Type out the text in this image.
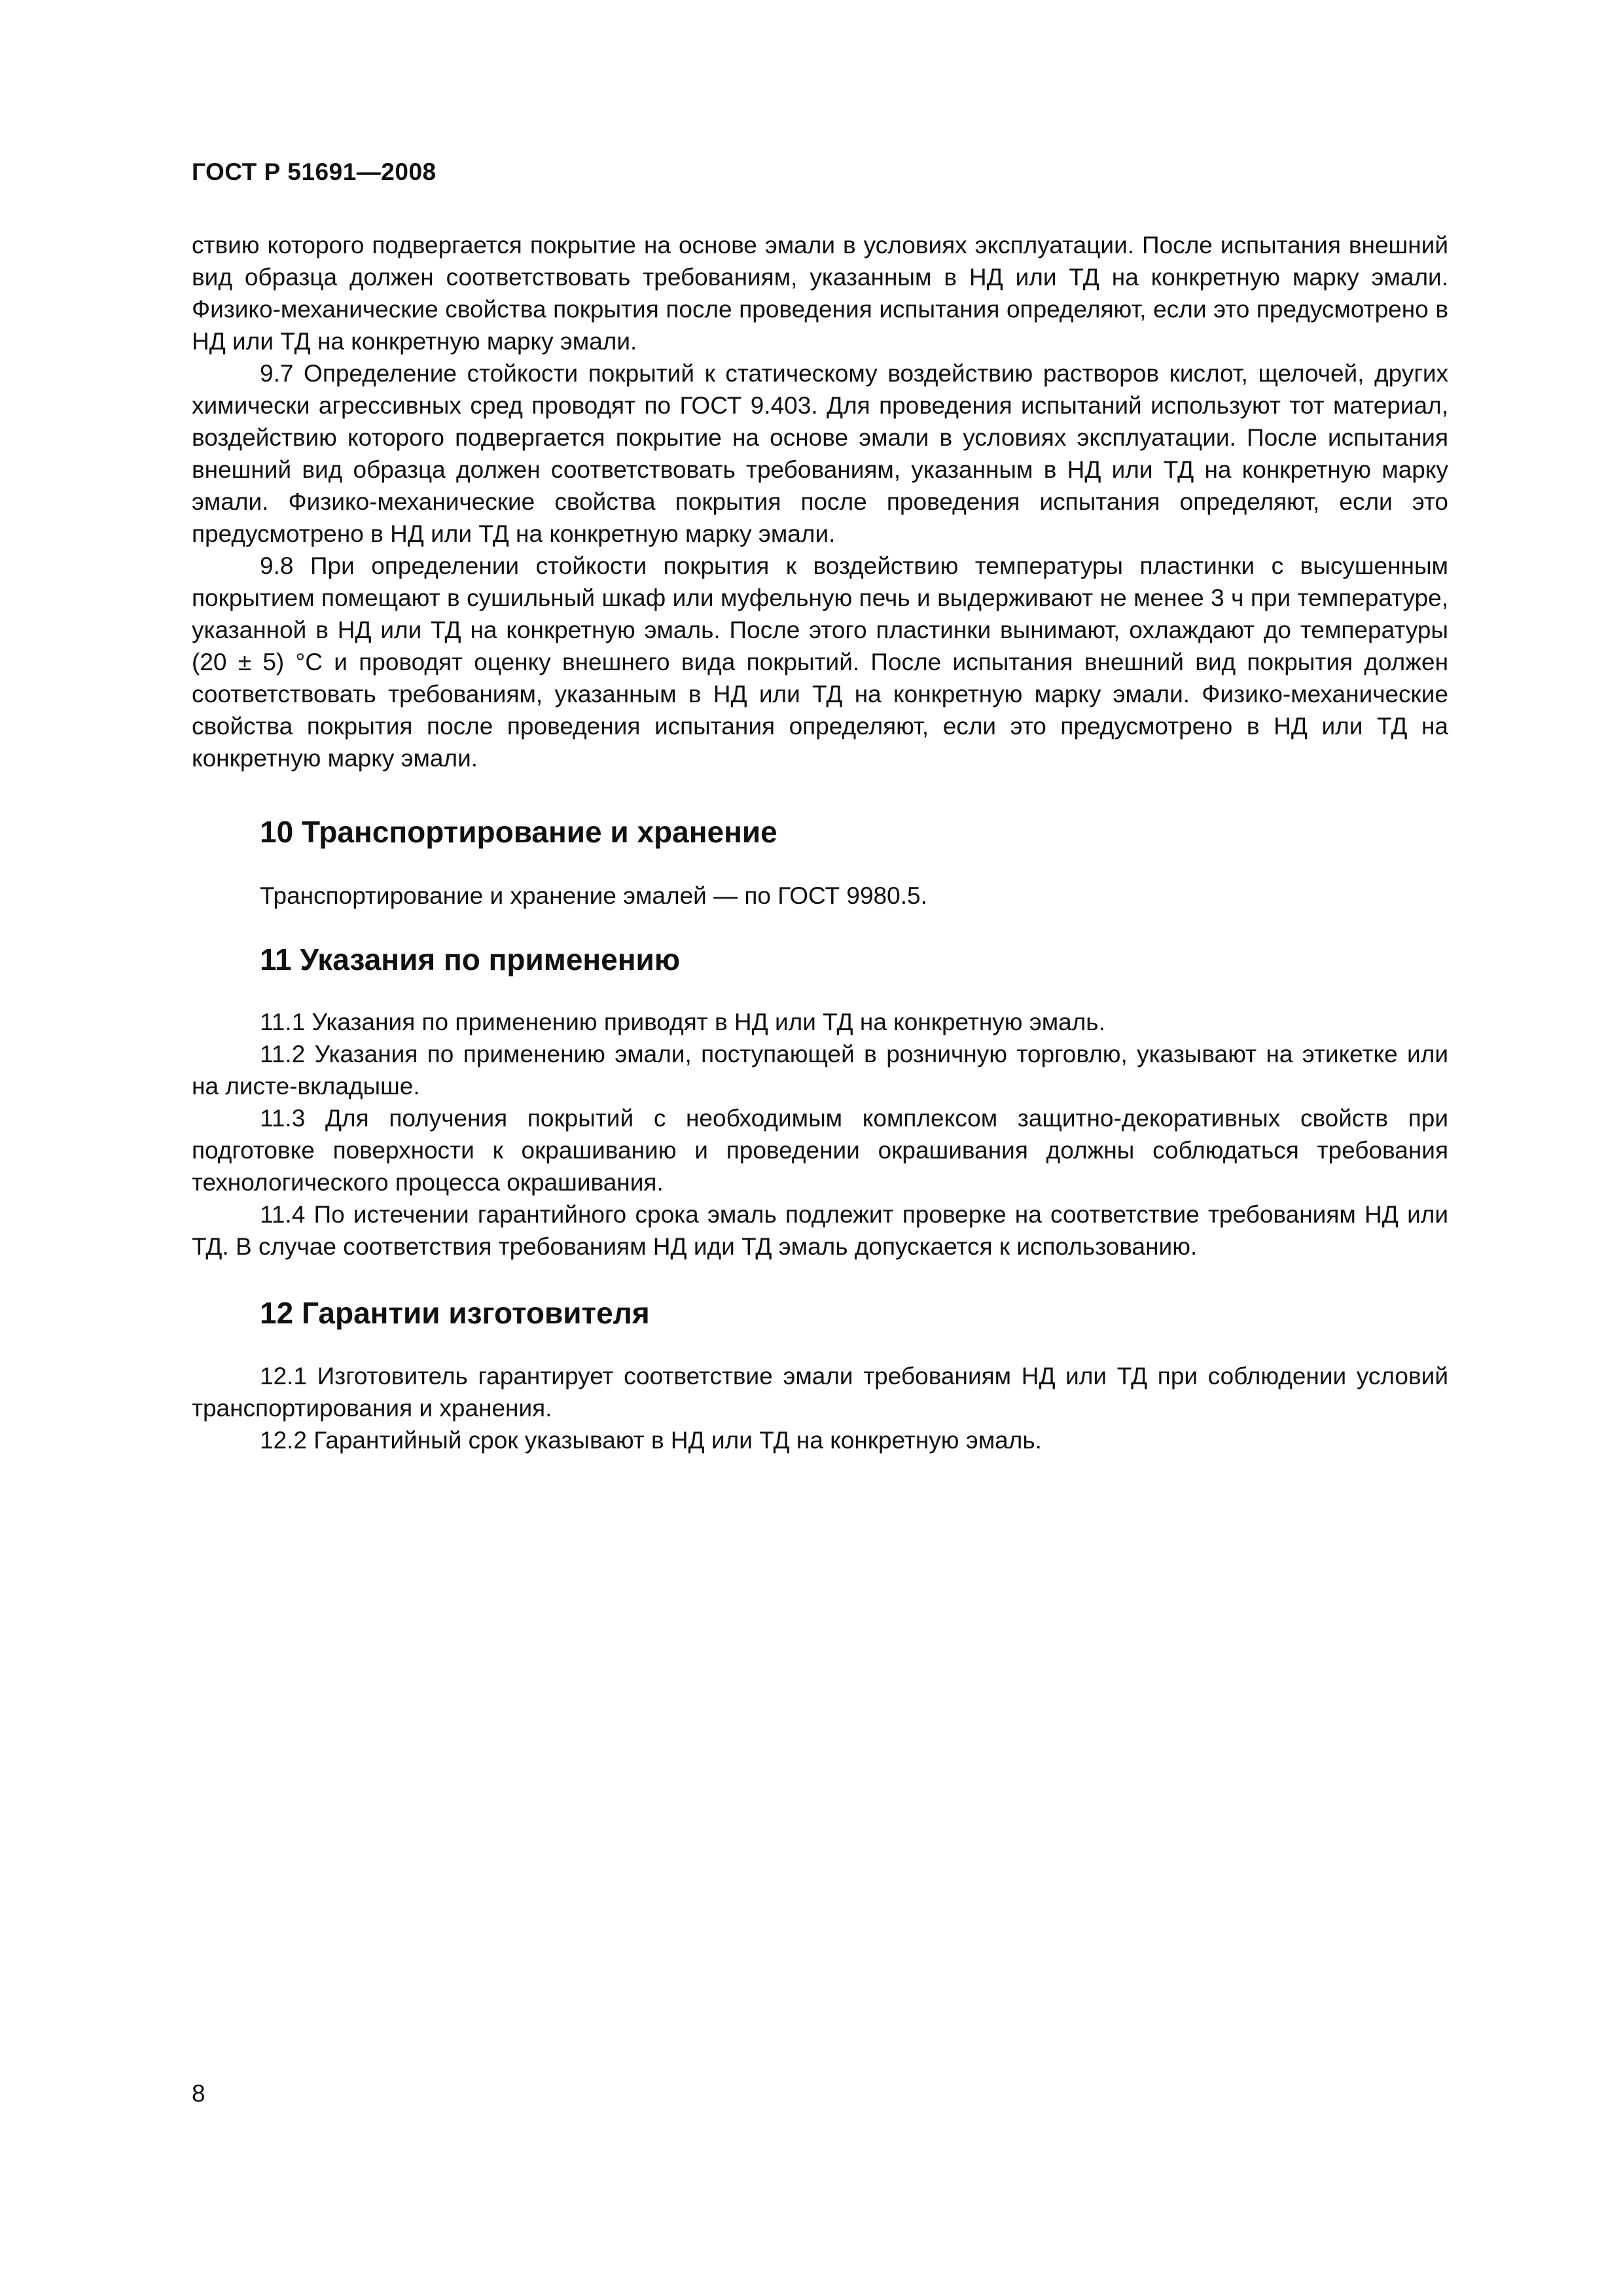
ГОСТ Р 51691—2008

ствию которого подвергается покрытие на основе эмали в условиях эксплуатации. После испытания внешний вид образца должен соответствовать требованиям, указанным в НД или ТД на конкретную марку эмали. Физико-механические свойства покрытия после проведения испытания определяют, если это предусмотрено в НД или ТД на конкретную марку эмали.

9.7 Определение стойкости покрытий к статическому воздействию растворов кислот, щелочей, других химически агрессивных сред проводят по ГОСТ 9.403. Для проведения испытаний используют тот материал, воздействию которого подвергается покрытие на основе эмали в условиях эксплуатации. После испытания внешний вид образца должен соответствовать требованиям, указанным в НД или ТД на конкретную марку эмали. Физико-механические свойства покрытия после проведения испытания определяют, если это предусмотрено в НД или ТД на конкретную марку эмали.

9.8 При определении стойкости покрытия к воздействию температуры пластинки с высушенным покрытием помещают в сушильный шкаф или муфельную печь и выдерживают не менее 3 ч при температуре, указанной в НД или ТД на конкретную эмаль. После этого пластинки вынимают, охлаждают до температуры (20 ± 5) °С и проводят оценку внешнего вида покрытий. После испытания внешний вид покрытия должен соответствовать требованиям, указанным в НД или ТД на конкретную марку эмали. Физико-механические свойства покрытия после проведения испытания определяют, если это предусмотрено в НД или ТД на конкретную марку эмали.

10 Транспортирование и хранение

Транспортирование и хранение эмалей — по ГОСТ 9980.5.

11 Указания по применению

11.1 Указания по применению приводят в НД или ТД на конкретную эмаль.

11.2 Указания по применению эмали, поступающей в розничную торговлю, указывают на этикетке или на листе-вкладыше.

11.3 Для получения покрытий с необходимым комплексом защитно-декоративных свойств при подготовке поверхности к окрашиванию и проведении окрашивания должны соблюдаться требования технологического процесса окрашивания.

11.4 По истечении гарантийного срока эмаль подлежит проверке на соответствие требованиям НД или ТД. В случае соответствия требованиям НД иди ТД эмаль допускается к использованию.

12 Гарантии изготовителя

12.1 Изготовитель гарантирует соответствие эмали требованиям НД или ТД при соблюдении условий транспортирования и хранения.

12.2 Гарантийный срок указывают в НД или ТД на конкретную эмаль.

8
